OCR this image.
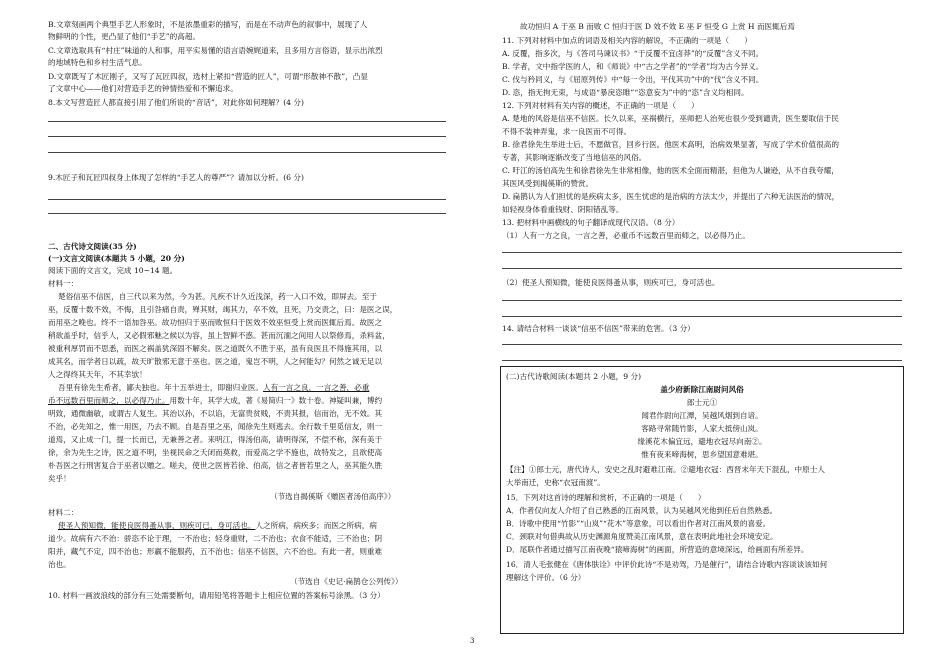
B.文章刻画两个典型手艺人形象时，不是浓墨重彩的描写，而是在不动声色的叙事中，展现了人
物鲜明的个性，更凸显了他们“手艺”的高超。
C.文章选取具有“村庄”味道的人和事，用平实易懂的语言语婉娓道来，且多用方言俗语，显示出浓烈
的地域特色和乡村生活气息。
D.文章既写了木匠刚子，又写了瓦匠四叔，选材上紧扣“营造的匠人”，可谓“形散神不散”，凸显
了文章中心——他们对营造手艺的钟情热爱和不懈追求。
8.本文写营造匠人都直接引用了他们所说的“音话”，对此你如何理解？(4 分)
9.木匠子和瓦匠四叔身上体现了怎样的“手艺人的尊严”？请加以分析。(6 分)
二、古代诗文阅读(35 分)
(一)文言文阅读(本题共 5 小题，20 分)
阅读下面的文言文，完成 10~14 题。
材料一：
楚俗信巫不信医，自三代以来为然，今为甚。凡疾不计久近浅深，药一入口不效，即屏去。至于
巫，反覆十数不效，不悔，且引咎痛自责，殚其财，竭其力，卒不效，且死，乃交责之，曰：是医之误，
而用巫之晚也。终不一语加咎巫。故功恒归于巫而败恒归于医效不效巫恒受上赏而医辄后焉。故医之
稍欲盖乎时，信乎人，又必假邪魅之候以为容，虽上智鲜不惑。甚而沉湎之间用人以祭修焉，杀料盆，
被重利厚罚而不思悉，而医之祸盖犹深固不解矣。医之道既久不胜于巫，虽有良医且不得施其用，以
成其名，而学者日以疏，故天旷散邪无意于巫也。医之道，鬼岂不明，人之何能勾？何然之诚无足以
人之得终其天年，不其幸欤！
吾里有徐先生希者，鄙夫独也。年十五举进士，即谢归业医。人有一言之良，一言之善，必重
币不远数百里而师之，以必得乃止。用数十年，其学大成，著《易简归一》数十卷。神疑叫兼，博约
明致，通微幽敏，或谓古人复生。其治以孙，不以谄，无富贵贫贱，不责其报，信而治，无不效。其
不治，必先知之，惟一用医，乃去不顾。自是吾里之巫，闻徐先生则逃去。余行数千里觅信友，则一
道焉，又止成一门，提一长而已，无兼善之者。来明江，得汤伯高，请明得深，不偿不称，深有美于
徐，余为先生之诗，医之道不明，坐视民命之夭闭而莫救，而爱高之学不施也，故特发之，且欲使高
朴吾医之行刑害复合于巫者以赠之。嗟夫，使世之医皆若徐、伯高，信之者皆若里之人，巫其能久胜
矣乎！
（节选自揭傒斯《赠医者汤伯高序》）
材料二：
使圣人预知微，能使良医得蚤从事，则疾可已，身可活也。人之所病，病疾多；而医之所病，病
道少。故病有六不治：骄恣不论于理，一不治也；轻身重财，二不治也；衣食不能适，三不治也；阴
阳并，藏气不定，四不治也；形羸不能服药，五不治也；信巫不信医，六不治也。有此一者，则重难
治也。
（节选自《史记·扁鹊仓公列传》）
10. 材料一画波浪线的部分有三处需要断句，请用铅笔将答题卡上相应位置的答案标号涂黑。（3 分）
故功恒归 A 于巫 B 而败 C 恒归于医 D 效不效 E 巫 F 恒受 G 上赏 H 而医辄后焉
11. 下列对材料中加点的词语及相关内容的解说，不正确的一项是（　　）
A. 反覆，指多次，与《答司马谏议书》“于反覆不宜卤莽”的“反覆”含义不同。
B. 学者，文中指学医的人，和《师说》中“古之学者”的“学者”均为古今异义。
C. 伐与矜同义，与《屈原列传》中“每一令出，平伐其功”中的“伐”含义不同。
D. 恣，指无拘无束，与成语“暴戾恣睢”“恣意妄为”中的“恣”含义均相同。
12. 下列对材料有关内容的概述，不正确的一项是（　　）
A. 楚地的风俗是信巫不信医。长久以来，巫祸横行，巫师把人治死也很少受到谴责，医生要取信于民
不得不装神弄鬼，求一良医而不可得。
B. 徐君徐先生举进士后，不愿做官，回乡行医。他医术高明，治病效果显著，写成了学术价值很高的
专著，其影响逐渐改变了当地信巫的风俗。
C. 吁江的汤伯高先生和徐君徐先生非常相像，他的医术全面而精湛，但他为人谦逊，从不自我夸耀，
其医风受到揭傒斯的赞赏。
D. 扁鹊认为人们担忧的是疾病太多，医生忧虑的是治病的方法太少，并提出了六种无法医治的情况，
如轻视身体看重钱财、阴阳错乱等。
13. 把材料中画横线的句子翻译成现代汉语。（8 分）
（1）人有一方之良，一言之善，必重币不远数百里而师之，以必得乃止。
（2）使圣人预知微，能使良医得蚤从事，则疾可已，身可活也。
14. 请结合材料一谈谈“信巫不信医”带来的危害。（3 分）
(二)古代诗歌阅读(本题共 2 小题，9 分)
盖少府新除江南尉问风俗
郎士元①
闻君作尉向江潭，吴越风烟到自谙。
客路寻常随竹影，人家大抵傍山岚。
缘溪花木偏宜远，避地衣冠尽向南②。
惟有夜来啼海树，思乡望国意难堪。
【注】①郎士元，唐代诗人，安史之乱时避难江南。②避地衣冠：西晋末年天下混乱，中原士人
大举南迁，史称“衣冠南渡”。
15．下列对这首诗的理解和赏析，不正确的一项是（　　）
A．作者仅向友人介绍了自己熟悉的江南风景，认为吴越风光他到任后自然熟悉。
B．诗歌中使用“竹影”“山岚”“花木”等意象，可以看出作者对江南风景的喜爱。
C．颈联对句借典故从历史渊源角度赞美江南风景，意在表明此地社会环境安定。
D．尾联作者通过描写江南夜晚“猿啼海树”的画面，所营造的意境深远，给画面有所差异。
16．清人毛张健在《唐体肤诠》中评价此诗“不是劝驾，乃是催行”，请结合诗歌内容谈谈该如何
理解这个评价。（6 分）
3
